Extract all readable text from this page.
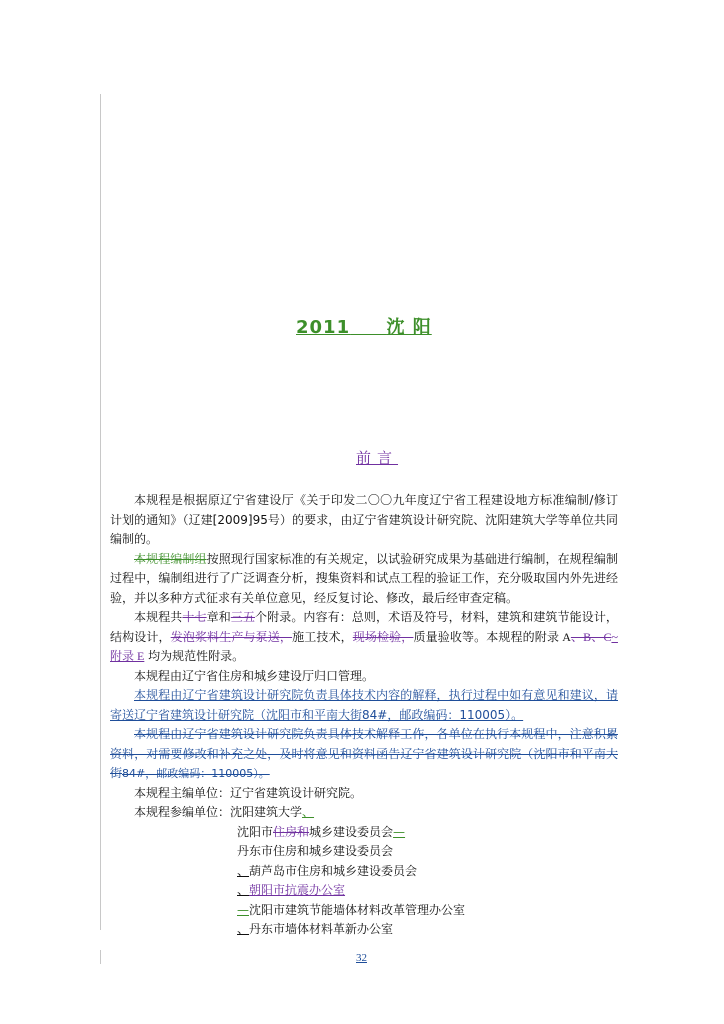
2011 沈 阳
前言

本规程是根据原辽宁省建设厅《关于印发二〇〇九年度辽宁省工程建设地方标准编制/修订计划的通知》（辽建[2009]95号）的要求，由辽宁省建筑设计研究院、沈阳建筑大学等单位共同编制的。

本规程编制组按照现行国家标准的有关规定，以试验研究成果为基础进行编制，在规程编制过程中，编制组进行了广泛调查分析，搜集资料和试点工程的验证工作，充分吸取国内外先进经验，并以多种方式征求有关单位意见，经反复讨论、修改，最后经审查定稿。

本规程共十七章和三五个附录。内容有：总则，术语及符号，材料，建筑和建筑节能设计，结构设计，发泡浆料生产与泵送，施工技术，现场检验，质量验收等。本规程的附录 A、B、C~附录 E 均为规范性附录。

本规程由辽宁省住房和城乡建设厅归口管理。

本规程由辽宁省建筑设计研究院负责具体技术内容的解释，执行过程中如有意见和建议，请寄送辽宁省建筑设计研究院（沈阳市和平南大街84#，邮政编码：110005）。

本规程由辽宁省建筑设计研究院负责具体技术解释工作，各单位在执行本规程中，注意积累资料，对需要修改和补充之处，及时将意见和资料函告辽宁省建筑设计研究院（沈阳市和平南大街84#，邮政编码：110005）。

本规程主编单位：辽宁省建筑设计研究院。

本规程参编单位：沈阳建筑大学、
沈阳市住房和城乡建设委员会—
丹东市住房和城乡建设委员会
、葫芦岛市住房和城乡建设委员会
、朝阳市抗震办公室
—沈阳市建筑节能墙体材料改革管理办公室
、丹东市墙体材料革新办公室
32
